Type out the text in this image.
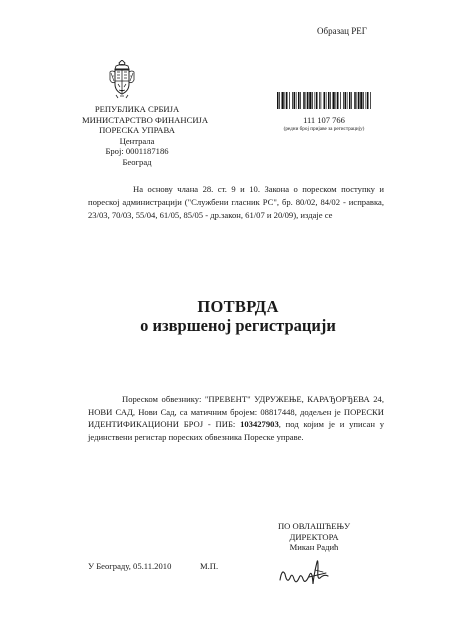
Образац РЕГ
РЕПУБЛИКА СРБИЈА
МИНИСТАРСТВО ФИНАНСИЈА
ПОРЕСКА УПРАВА
Централа
Број: 0001187186
Београд
111 107 766
(редни број пријаве за регистрацију)
На основу члана 28. ст. 9 и 10. Закона о пореском поступку и пореској администрацији ("Службени гласник РС", бр. 80/02, 84/02 - исправка, 23/03, 70/03, 55/04, 61/05, 85/05 - др.закон, 61/07 и 20/09), издаје се
ПОТВРДА
о извршеној регистрацији
Пореском обвезнику: "ПРЕВЕНТ" УДРУЖЕЊЕ, КАРАЂОРЂЕВА 24, НОВИ САД, Нови Сад, са матичним бројем: 08817448, додељен је ПОРЕСКИ ИДЕНТИФИКАЦИОНИ БРОЈ - ПИБ: 103427903, под којим је и уписан у јединствени регистар пореских обвезника Пореске управе.
ПО ОВЛАШЋЕЊУ
ДИРЕКТОРА
Микан Радић
У Београду, 05.11.2010	М.П.
